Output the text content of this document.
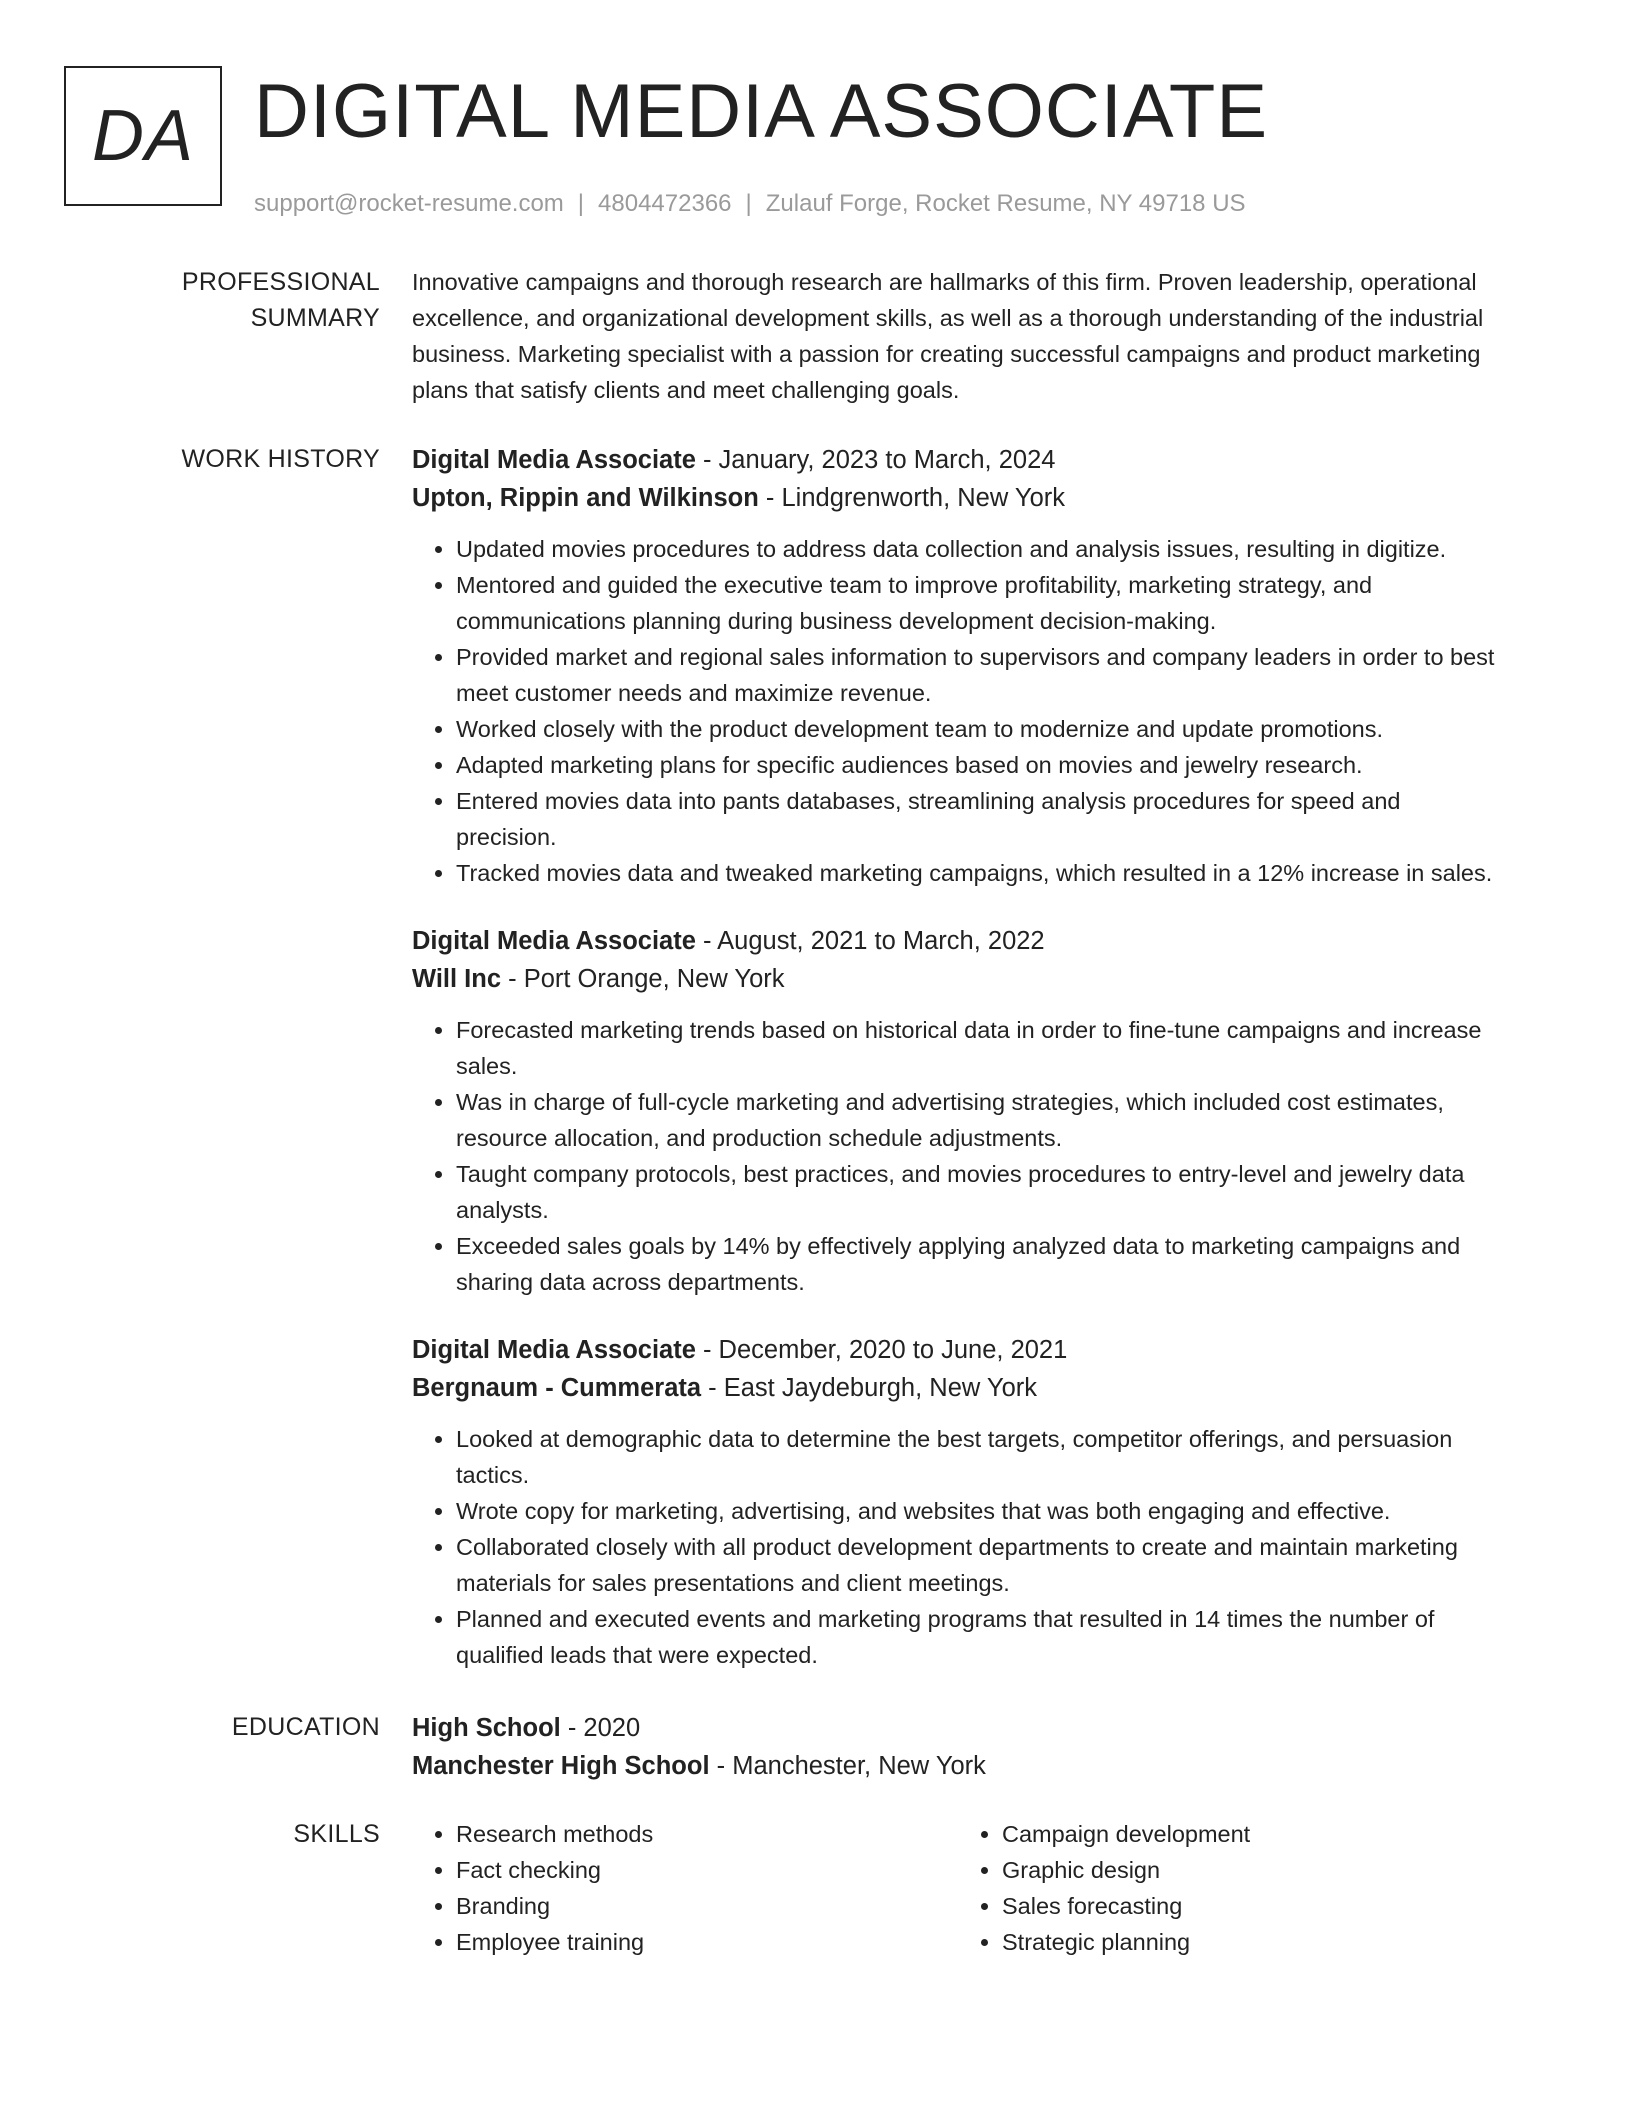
DA DIGITAL MEDIA ASSOCIATE
support@rocket-resume.com | 4804472366 | Zulauf Forge, Rocket Resume, NY 49718 US
PROFESSIONAL SUMMARY
Innovative campaigns and thorough research are hallmarks of this firm. Proven leadership, operational excellence, and organizational development skills, as well as a thorough understanding of the industrial business. Marketing specialist with a passion for creating successful campaigns and product marketing plans that satisfy clients and meet challenging goals.
WORK HISTORY	Digital Media Associate - January, 2023 to March, 2024
Upton, Rippin and Wilkinson - Lindgrenworth, New York
• Updated movies procedures to address data collection and analysis issues, resulting in digitize.
• Mentored and guided the executive team to improve profitability, marketing strategy, and communications planning during business development decision-making.
• Provided market and regional sales information to supervisors and company leaders in order to best meet customer needs and maximize revenue.
• Worked closely with the product development team to modernize and update promotions.
• Adapted marketing plans for specific audiences based on movies and jewelry research.
• Entered movies data into pants databases, streamlining analysis procedures for speed and precision.
• Tracked movies data and tweaked marketing campaigns, which resulted in a 12% increase in sales.
Digital Media Associate - August, 2021 to March, 2022
Will Inc - Port Orange, New York
• Forecasted marketing trends based on historical data in order to fine-tune campaigns and increase sales.
• Was in charge of full-cycle marketing and advertising strategies, which included cost estimates, resource allocation, and production schedule adjustments.
• Taught company protocols, best practices, and movies procedures to entry-level and jewelry data analysts.
• Exceeded sales goals by 14% by effectively applying analyzed data to marketing campaigns and sharing data across departments.
Digital Media Associate - December, 2020 to June, 2021
Bergnaum - Cummerata - East Jaydeburgh, New York
• Looked at demographic data to determine the best targets, competitor offerings, and persuasion tactics.
• Wrote copy for marketing, advertising, and websites that was both engaging and effective.
• Collaborated closely with all product development departments to create and maintain marketing materials for sales presentations and client meetings.
• Planned and executed events and marketing programs that resulted in 14 times the number of qualified leads that were expected.
EDUCATION	High School - 2020
Manchester High School - Manchester, New York
SKILLS
•	Research methods
• Fact checking
• Branding
• Employee training
• Campaign development
• Graphic design
• Sales forecasting
• Strategic planning
